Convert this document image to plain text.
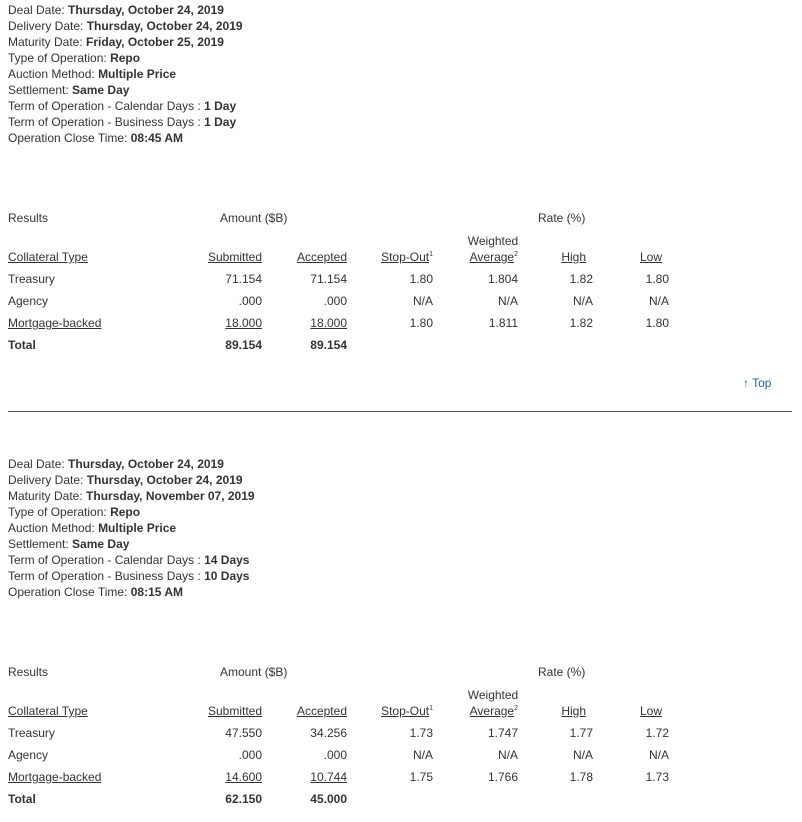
Deal Date: Thursday, October 24, 2019
Delivery Date: Thursday, October 24, 2019
Maturity Date: Friday, October 25, 2019
Type of Operation: Repo
Auction Method: Multiple Price
Settlement: Same Day
Term of Operation - Calendar Days : 1 Day
Term of Operation - Business Days : 1 Day
Operation Close Time: 08:45 AM
Results	Amount ($B)	Rate (%)
Weighted
Collateral Type	Submitted	Accepted	Stop-Out$^1$	Average$^2$	High	Low
Treasury	71.154	71.154	1.80	1.804	1.82	1.80
Agency	.000	.000	N/A	N/A	N/A	N/A
Mortgage-backed	18.000	18.000	1.80	1.811	1.82	1.80
Total	89.154	89.154
↑ Top
Deal Date: Thursday, October 24, 2019
Delivery Date: Thursday, October 24, 2019
Maturity Date: Thursday, November 07, 2019
Type of Operation: Repo
Auction Method: Multiple Price
Settlement: Same Day
Term of Operation - Calendar Days : 14 Days
Term of Operation - Business Days : 10 Days
Operation Close Time: 08:15 AM
Results	Amount ($B)	Rate (%)
Weighted
Collateral Type	Submitted	Accepted	Stop-Out$^1$	Average$^2$	High	Low
Treasury	47.550	34.256	1.73	1.747	1.77	1.72
Agency	.000	.000	N/A	N/A	N/A	N/A
Mortgage-backed	14.600	10.744	1.75	1.766	1.78	1.73
Total	62.150	45.000
